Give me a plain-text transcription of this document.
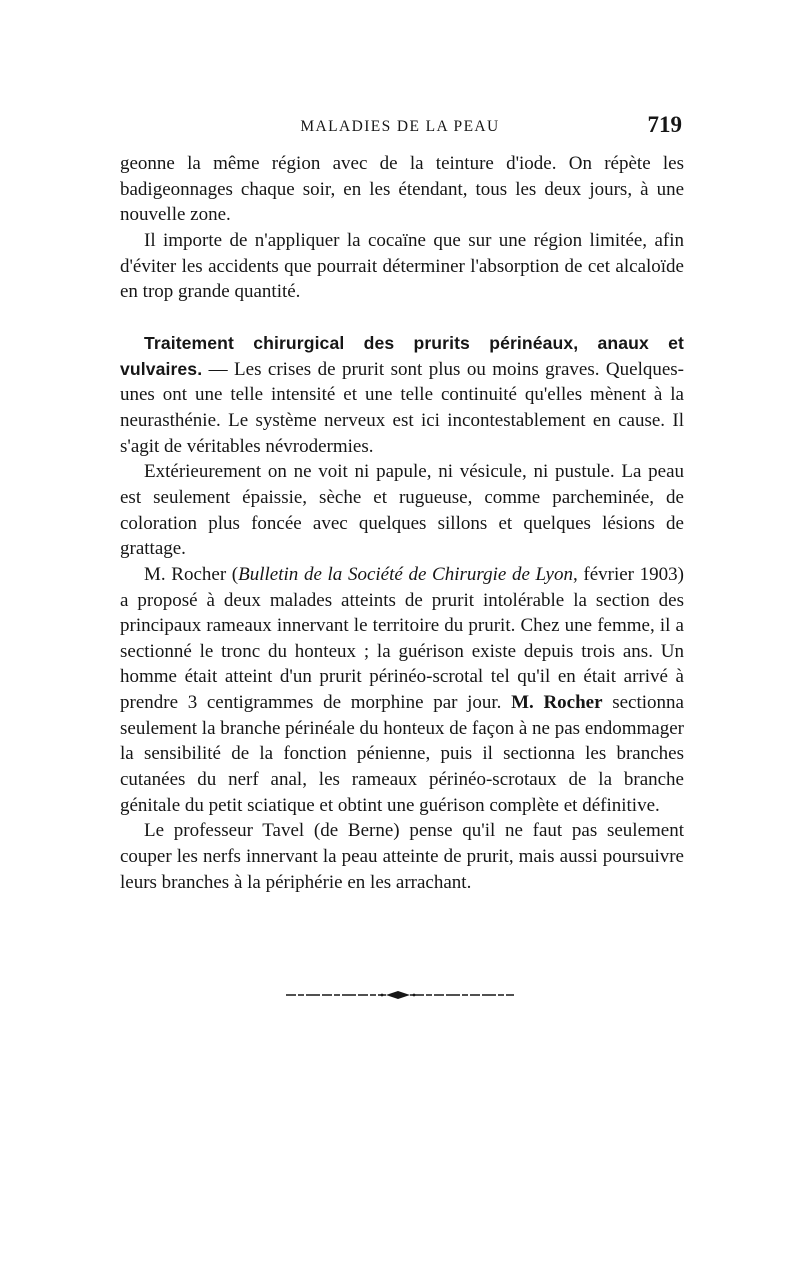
MALADIES DE LA PEAU	719

geonne la même région avec de la teinture d'iode. On répète les badigeonnages chaque soir, en les étendant, tous les deux jours, à une nouvelle zone.

Il importe de n'appliquer la cocaïne que sur une région limitée, afin d'éviter les accidents que pourrait déterminer l'absorption de cet alcaloïde en trop grande quantité.

Traitement chirurgical des prurits périnéaux, anaux et vulvaires. — Les crises de prurit sont plus ou moins graves. Quelques-unes ont une telle intensité et une telle continuité qu'elles mènent à la neurasthénie. Le système nerveux est ici incontestablement en cause. Il s'agit de véritables névrodermies.

Extérieurement on ne voit ni papule, ni vésicule, ni pustule. La peau est seulement épaissie, sèche et rugueuse, comme parcheminée, de coloration plus foncée avec quelques sillons et quelques lésions de grattage.

M. Rocher (Bulletin de la Société de Chirurgie de Lyon, février 1903) a proposé à deux malades atteints de prurit intolérable la section des principaux rameaux innervant le territoire du prurit. Chez une femme, il a sectionné le tronc du honteux ; la guérison existe depuis trois ans. Un homme était atteint d'un prurit périnéo-scrotal tel qu'il en était arrivé à prendre 3 centigrammes de morphine par jour. M. Rocher sectionna seulement la branche périnéale du honteux de façon à ne pas endommager la sensibilité de la fonction pénienne, puis il sectionna les branches cutanées du nerf anal, les rameaux périnéo-scrotaux de la branche génitale du petit sciatique et obtint une guérison complète et définitive.

Le professeur Tavel (de Berne) pense qu'il ne faut pas seulement couper les nerfs innervant la peau atteinte de prurit, mais aussi poursuivre leurs branches à la périphérie en les arrachant.
